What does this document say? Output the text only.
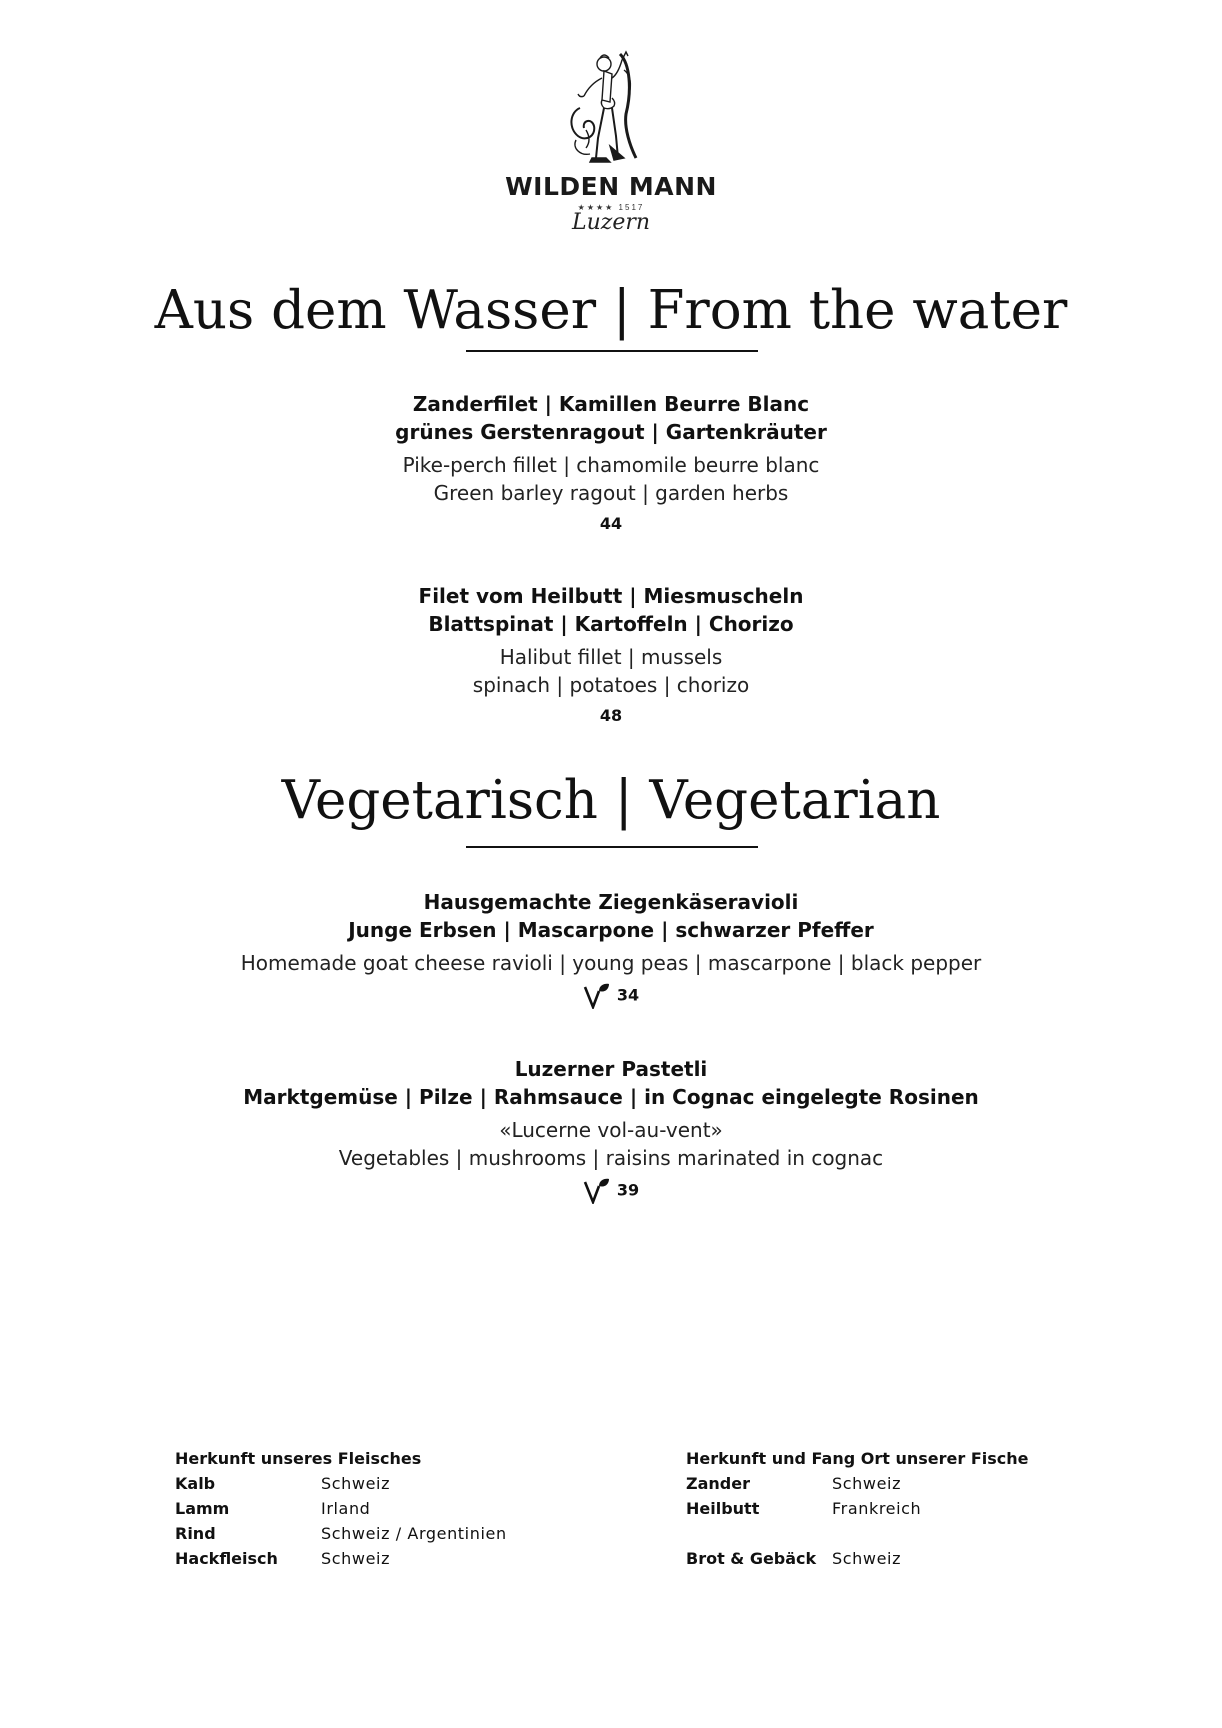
WILDEN MANN
★★★★ 1517
Luzern
Aus dem Wasser | From the water
Zanderfilet | Kamillen Beurre Blanc
grünes Gerstenragout | Gartenkräuter
Pike-perch fillet | chamomile beurre blanc
Green barley ragout | garden herbs
44
Filet vom Heilbutt | Miesmuscheln
Blattspinat | Kartoffeln | Chorizo
Halibut fillet | mussels
spinach | potatoes | chorizo
48
Vegetarisch | Vegetarian
Hausgemachte Ziegenkäseravioli
Junge Erbsen | Mascarpone | schwarzer Pfeffer
Homemade goat cheese ravioli | young peas | mascarpone | black pepper
34
Luzerner Pastetli
Marktgemüse | Pilze | Rahmsauce | in Cognac eingelegte Rosinen
«Lucerne vol-au-vent»
Vegetables | mushrooms | raisins marinated in cognac
39
Herkunft unseres Fleisches
Kalb	Schweiz
Lamm	Irland
Rind	Schweiz / Argentinien
Hackfleisch	Schweiz
Herkunft und Fang Ort unserer Fische
Zander	Schweiz
Heilbutt	Frankreich
Brot & Gebäck Schweiz
